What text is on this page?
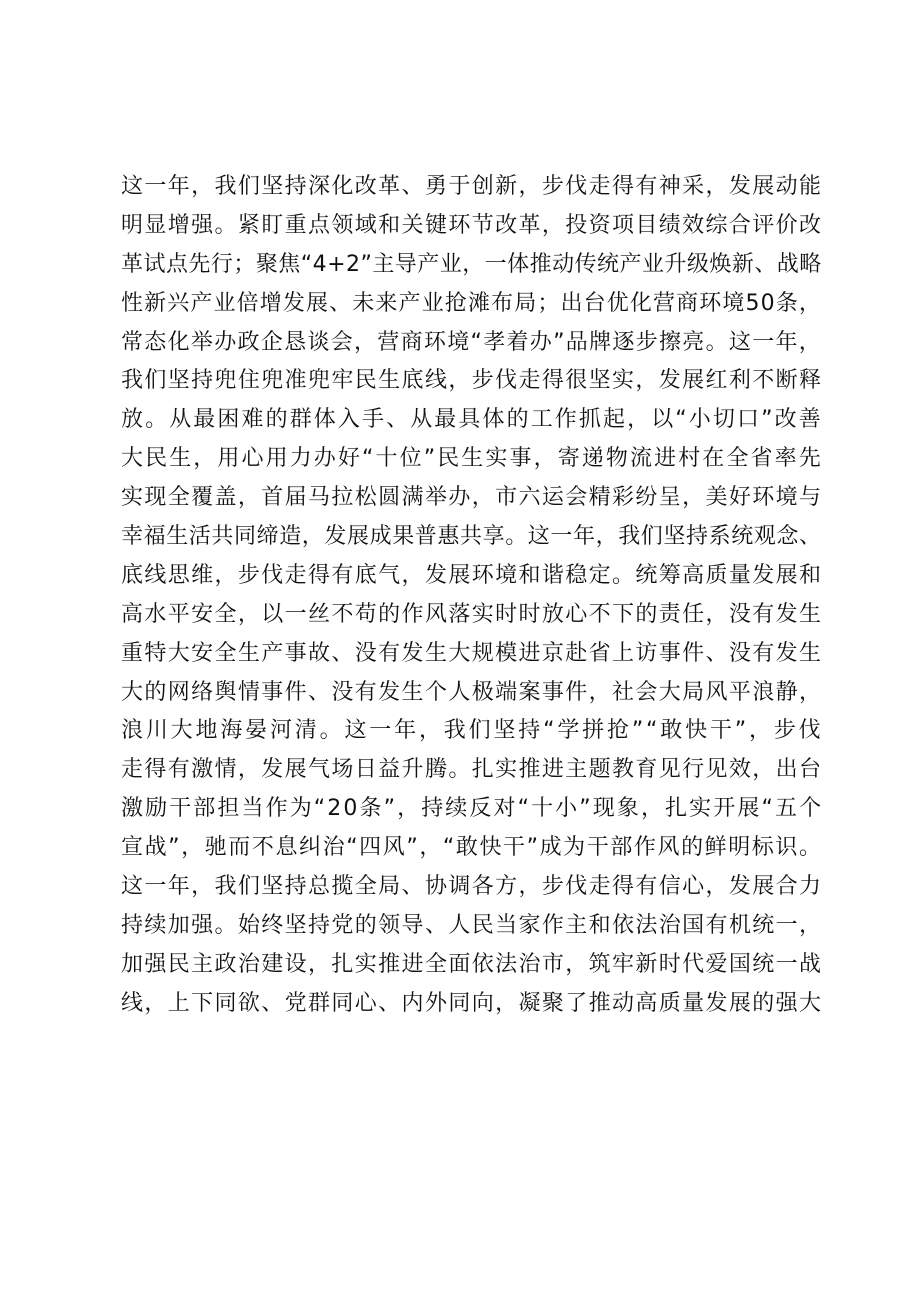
这一年，我们坚持深化改革、勇于创新，步伐走得有神采，发展动能
明显增强。紧盯重点领域和关键环节改革，投资项目绩效综合评价改
革试点先行；聚焦“4+2”主导产业，一体推动传统产业升级焕新、战略
性新兴产业倍增发展、未来产业抢滩布局；出台优化营商环境50条，
常态化举办政企恳谈会，营商环境“孝着办”品牌逐步擦亮。这一年，
我们坚持兜住兜准兜牢民生底线，步伐走得很坚实，发展红利不断释
放。从最困难的群体入手、从最具体的工作抓起，以“小切口”改善
大民生，用心用力办好“十位”民生实事，寄递物流进村在全省率先
实现全覆盖，首届马拉松圆满举办，市六运会精彩纷呈，美好环境与
幸福生活共同缔造，发展成果普惠共享。这一年，我们坚持系统观念、
底线思维，步伐走得有底气，发展环境和谐稳定。统筹高质量发展和
高水平安全，以一丝不苟的作风落实时时放心不下的责任，没有发生
重特大安全生产事故、没有发生大规模进京赴省上访事件、没有发生
大的网络舆情事件、没有发生个人极端案事件，社会大局风平浪静，
浪川大地海晏河清。这一年，我们坚持“学拼抢”“敢快干”，步伐
走得有激情，发展气场日益升腾。扎实推进主题教育见行见效，出台
激励干部担当作为“20条”，持续反对“十小”现象，扎实开展“五个
宣战”，驰而不息纠治“四风”，“敢快干”成为干部作风的鲜明标识。
这一年，我们坚持总揽全局、协调各方，步伐走得有信心，发展合力
持续加强。始终坚持党的领导、人民当家作主和依法治国有机统一，
加强民主政治建设，扎实推进全面依法治市，筑牢新时代爱国统一战
线，上下同欲、党群同心、内外同向，凝聚了推动高质量发展的强大
